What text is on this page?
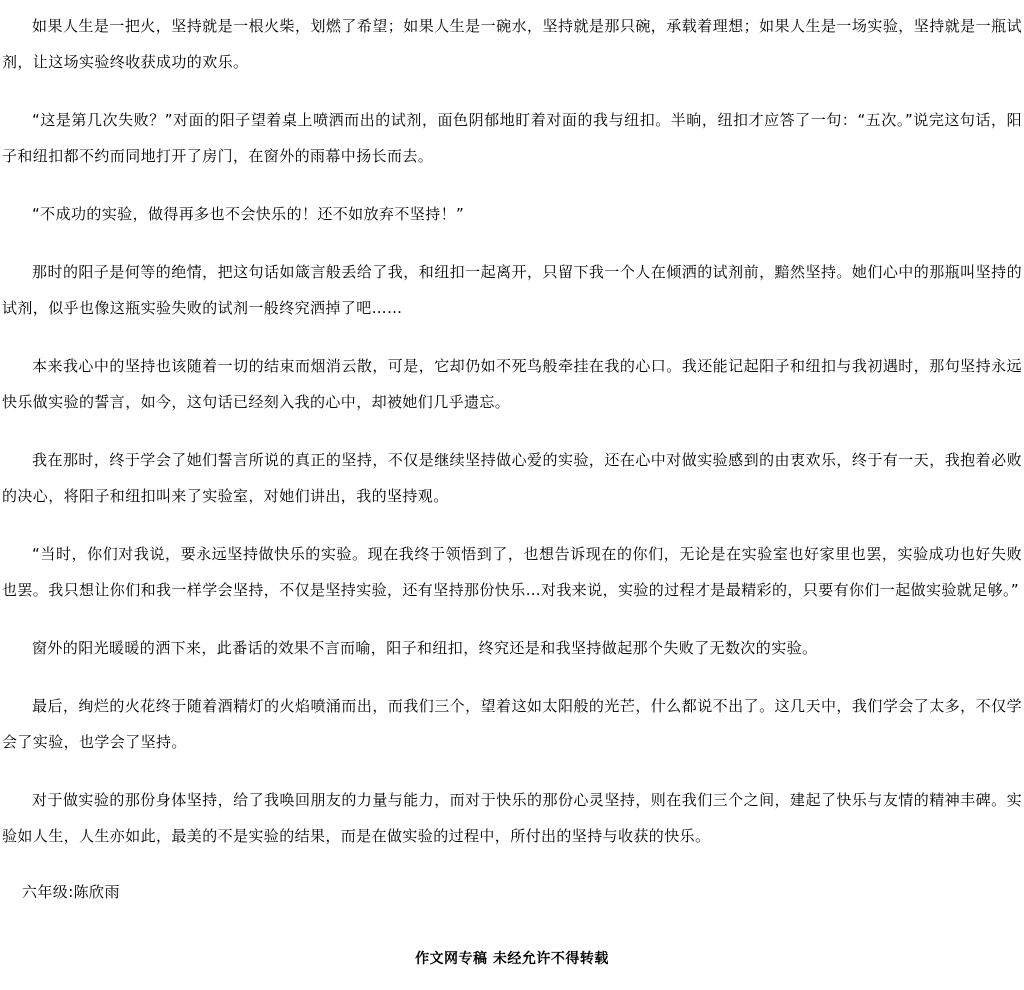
如果人生是一把火，坚持就是一根火柴，划燃了希望；如果人生是一碗水，坚持就是那只碗，承载着理想；如果人生是一场实验，坚持就是一瓶试剂，让这场实验终收获成功的欢乐。

“这是第几次失败？”对面的阳子望着桌上喷洒而出的试剂，面色阴郁地盯着对面的我与纽扣。半晌，纽扣才应答了一句：“五次。”说完这句话，阳子和纽扣都不约而同地打开了房门，在窗外的雨幕中扬长而去。

“不成功的实验，做得再多也不会快乐的！还不如放弃不坚持！”

那时的阳子是何等的绝情，把这句话如箴言般丢给了我，和纽扣一起离开，只留下我一个人在倾洒的试剂前，黯然坚持。她们心中的那瓶叫坚持的试剂，似乎也像这瓶实验失败的试剂一般终究洒掉了吧……

本来我心中的坚持也该随着一切的结束而烟消云散，可是，它却仍如不死鸟般牵挂在我的心口。我还能记起阳子和纽扣与我初遇时，那句坚持永远快乐做实验的誓言，如今，这句话已经刻入我的心中，却被她们几乎遗忘。

我在那时，终于学会了她们誓言所说的真正的坚持，不仅是继续坚持做心爱的实验，还在心中对做实验感到的由衷欢乐，终于有一天，我抱着必败的决心，将阳子和纽扣叫来了实验室，对她们讲出，我的坚持观。

“当时，你们对我说，要永远坚持做快乐的实验。现在我终于领悟到了，也想告诉现在的你们，无论是在实验室也好家里也罢，实验成功也好失败也罢。我只想让你们和我一样学会坚持，不仅是坚持实验，还有坚持那份快乐…对我来说，实验的过程才是最精彩的，只要有你们一起做实验就足够。”

窗外的阳光暖暖的洒下来，此番话的效果不言而喻，阳子和纽扣，终究还是和我坚持做起那个失败了无数次的实验。

最后，绚烂的火花终于随着酒精灯的火焰喷涌而出，而我们三个，望着这如太阳般的光芒，什么都说不出了。这几天中，我们学会了太多，不仅学会了实验，也学会了坚持。

对于做实验的那份身体坚持，给了我唤回朋友的力量与能力，而对于快乐的那份心灵坚持，则在我们三个之间，建起了快乐与友情的精神丰碑。实验如人生，人生亦如此，最美的不是实验的结果，而是在做实验的过程中，所付出的坚持与收获的快乐。

六年级:陈欣雨
作文网专稿 未经允许不得转载
